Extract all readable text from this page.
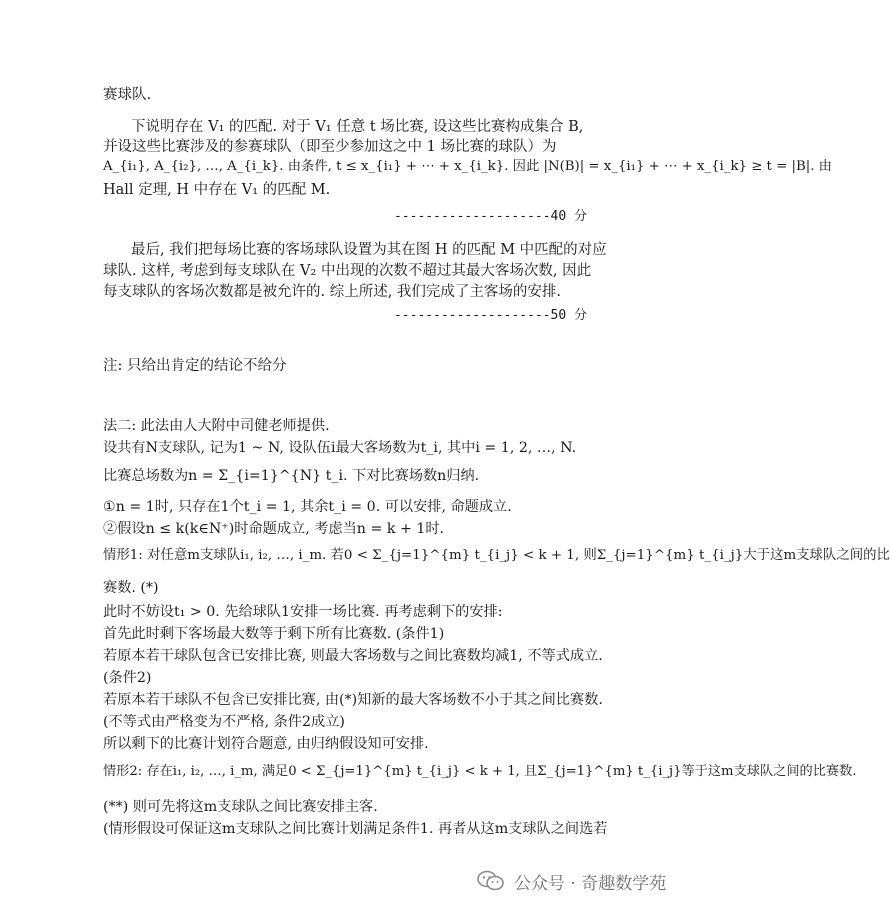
赛球队.
下说明存在 V₁ 的匹配. 对于 V₁ 任意 t 场比赛, 设这些比赛构成集合 B,
并设这些比赛涉及的参赛球队（即至少参加这之中 1 场比赛的球队）为
A_{i₁}, A_{i₂}, …, A_{i_k}. 由条件, t ≤ x_{i₁} + ⋯ + x_{i_k}. 因此 |N(B)| = x_{i₁} + ⋯ + x_{i_k} ≥ t = |B|. 由
Hall 定理, H 中存在 V₁ 的匹配 M.
--------------------40 分
最后, 我们把每场比赛的客场球队设置为其在图 H 的匹配 M 中匹配的对应
球队. 这样, 考虑到每支球队在 V₂ 中出现的次数不超过其最大客场次数, 因此
每支球队的客场次数都是被允许的. 综上所述, 我们完成了主客场的安排.
--------------------50 分
注: 只给出肯定的结论不给分
法二: 此法由人大附中司健老师提供.
设共有N支球队, 记为1 ~ N, 设队伍i最大客场数为t_i, 其中i = 1, 2, …, N.
比赛总场数为n = Σ_{i=1}^{N} t_i. 下对比赛场数n归纳.
①n = 1时, 只存在1个t_i = 1, 其余t_i = 0. 可以安排, 命题成立.
②假设n ≤ k(k∈N⁺)时命题成立, 考虑当n = k + 1时.
情形1: 对任意m支球队i₁, i₂, …, i_m. 若0 < Σ_{j=1}^{m} t_{i_j} < k + 1, 则Σ_{j=1}^{m} t_{i_j}大于这m支球队之间的比
赛数. (*)
此时不妨设t₁ > 0. 先给球队1安排一场比赛. 再考虑剩下的安排:
首先此时剩下客场最大数等于剩下所有比赛数. (条件1)
若原本若干球队包含已安排比赛, 则最大客场数与之间比赛数均减1, 不等式成立.
(条件2)
若原本若干球队不包含已安排比赛, 由(*)知新的最大客场数不小于其之间比赛数.
(不等式由严格变为不严格, 条件2成立)
所以剩下的比赛计划符合题意, 由归纳假设知可安排.
情形2: 存在i₁, i₂, …, i_m, 满足0 < Σ_{j=1}^{m} t_{i_j} < k + 1, 且Σ_{j=1}^{m} t_{i_j}等于这m支球队之间的比赛数.
(**) 则可先将这m支球队之间比赛安排主客.
(情形假设可保证这m支球队之间比赛计划满足条件1. 再者从这m支球队之间选若
公众号 · 奇趣数学苑
